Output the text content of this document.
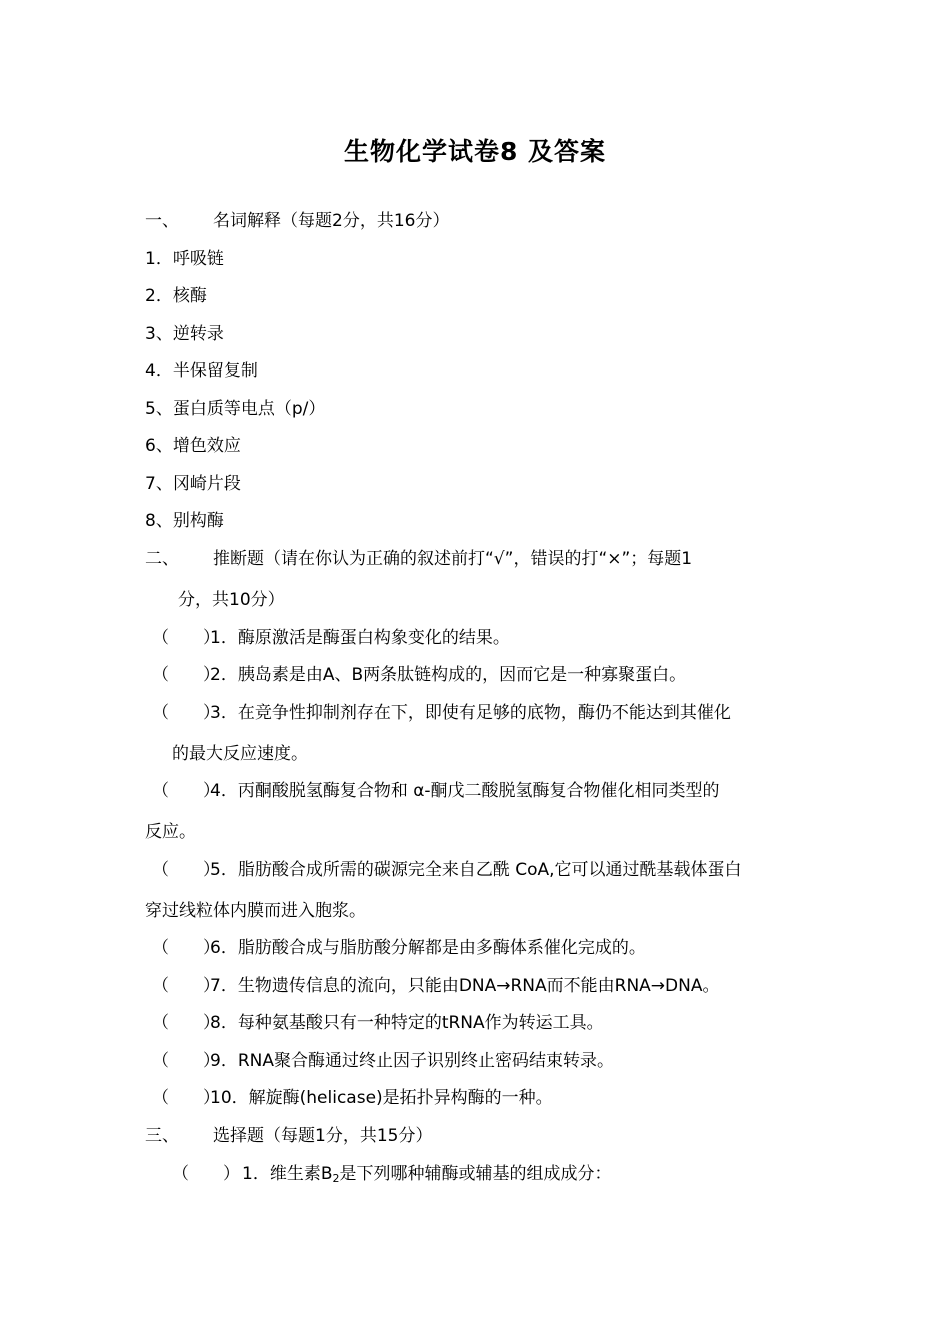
生物化学试卷8 及答案
一、 名词解释（每题2分，共16分）
1．呼吸链
2．核酶
3、逆转录
4．半保留复制
5、蛋白质等电点（p/）
6、增色效应
7、冈崎片段
8、别构酶
二、 推断题（请在你认为正确的叙述前打“√”，错误的打“×”；每题1
分，共10分）
（　　）1．酶原激活是酶蛋白构象变化的结果。
（　　）2．胰岛素是由A、B两条肽链构成的，因而它是一种寡聚蛋白。
（　　）3．在竞争性抑制剂存在下，即使有足够的底物，酶仍不能达到其催化
的最大反应速度。
（　　）4．丙酮酸脱氢酶复合物和 α-酮戊二酸脱氢酶复合物催化相同类型的
反应。
（　　）5．脂肪酸合成所需的碳源完全来自乙酰 CoA,它可以通过酰基载体蛋白
穿过线粒体内膜而进入胞浆。
（　　）6．脂肪酸合成与脂肪酸分解都是由多酶体系催化完成的。
（　　）7．生物遗传信息的流向，只能由DNA→RNA而不能由RNA→DNA。
（　　）8．每种氨基酸只有一种特定的tRNA作为转运工具。
（　　）9．RNA聚合酶通过终止因子识别终止密码结束转录。
（　　）10．解旋酶(helicase)是拓扑异构酶的一种。
三、 选择题（每题1分，共15分）
（　　） 1．维生素$B_2$是下列哪种辅酶或辅基的组成成分：
